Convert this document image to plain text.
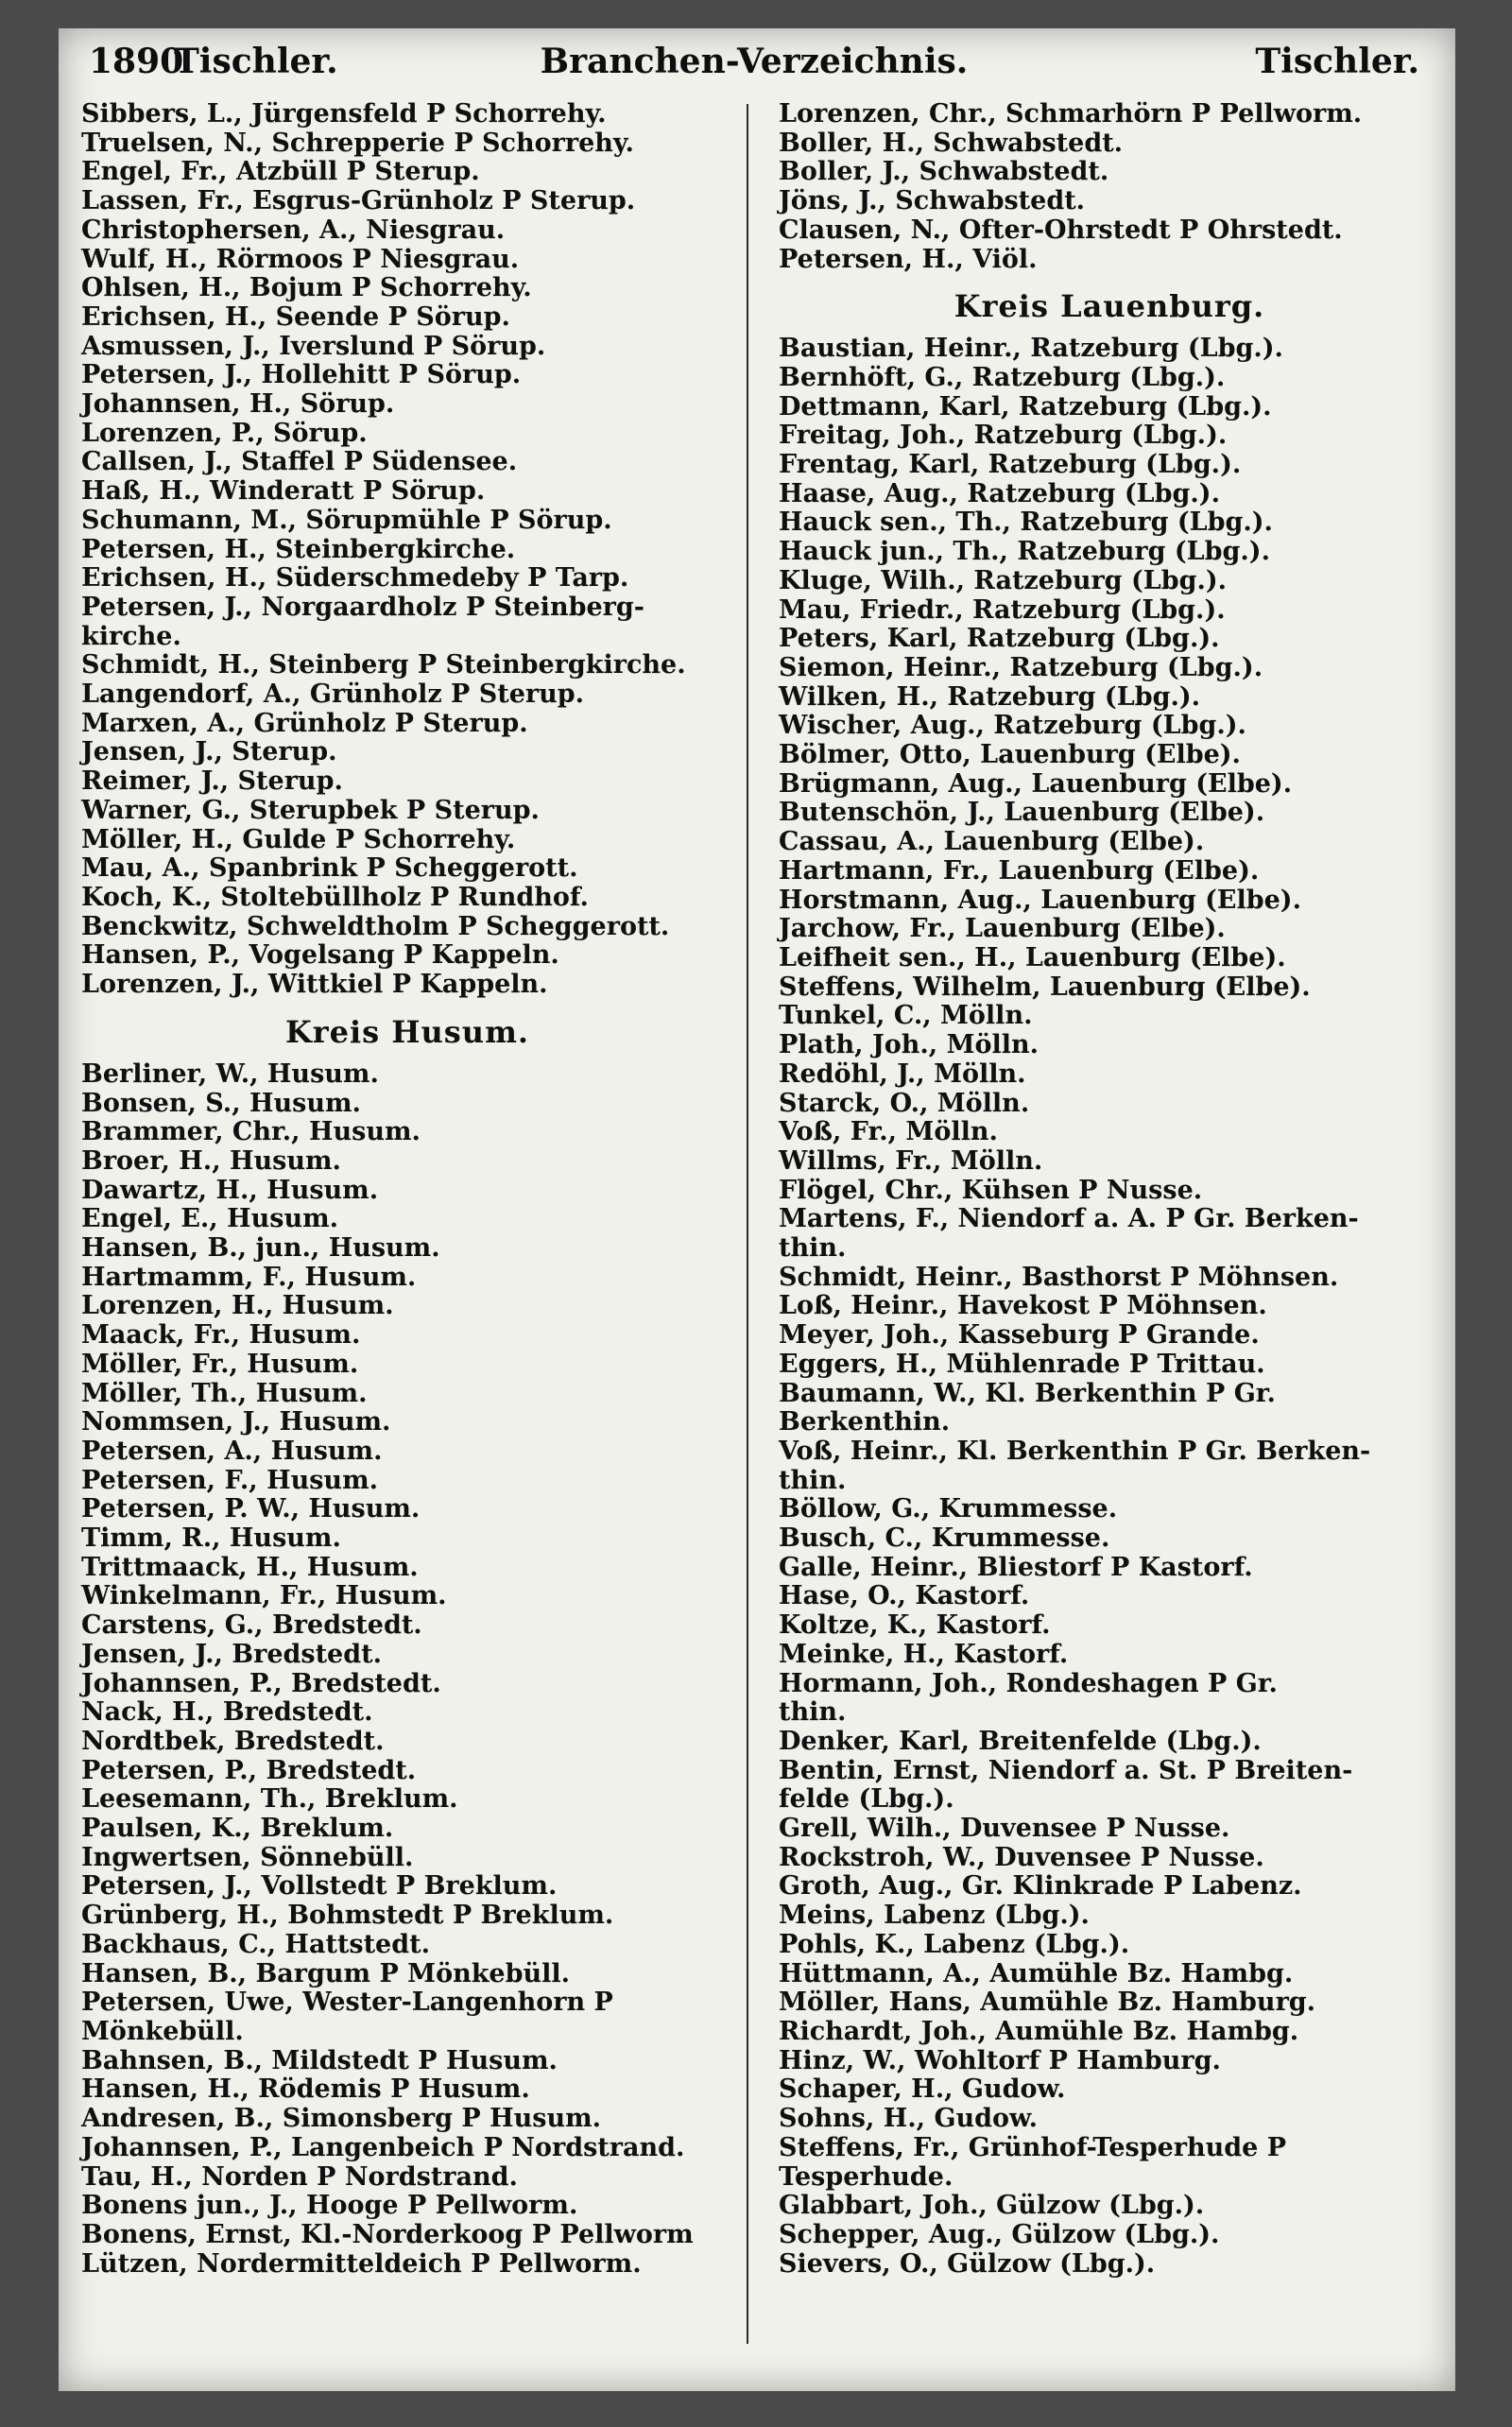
1890
Tischler.	Branchen-Verzeichnis.	Tischler.
Sibbers, L., Jürgensfeld P Schorrehy.
Truelsen, N., Schrepperie P Schorrehy.
Engel, Fr., Atzbüll P Sterup.
Lassen, Fr., Esgrus-Grünholz P Sterup.
Christophersen, A., Niesgrau.
Wulf, H., Rörmoos P Niesgrau.
Ohlsen, H., Bojum P Schorrehy.
Erichsen, H., Seende P Sörup.
Asmussen, J., Iverslund P Sörup.
Petersen, J., Hollehitt P Sörup.
Johannsen, H., Sörup.
Lorenzen, P., Sörup.
Callsen, J., Staffel P Südensee.
Haß, H., Winderatt P Sörup.
Schumann, M., Sörupmühle P Sörup.
Petersen, H., Steinbergkirche.
Erichsen, H., Süderschmedeby P Tarp.
Petersen, J., Norgaardholz P Steinberg-
kirche.
Schmidt, H., Steinberg P Steinbergkirche.
Langendorf, A., Grünholz P Sterup.
Marxen, A., Grünholz P Sterup.
Jensen, J., Sterup.
Reimer, J., Sterup.
Warner, G., Sterupbek P Sterup.
Möller, H., Gulde P Schorrehy.
Mau, A., Spanbrink P Scheggerott.
Koch, K., Stoltebüllholz P Rundhof.
Benckwitz, Schweldtholm P Scheggerott.
Hansen, P., Vogelsang P Kappeln.
Lorenzen, J., Wittkiel P Kappeln.
Kreis Husum.
Berliner, W., Husum.
Bonsen, S., Husum.
Brammer, Chr., Husum.
Broer, H., Husum.
Dawartz, H., Husum.
Engel, E., Husum.
Hansen, B., jun., Husum.
Hartmamm, F., Husum.
Lorenzen, H., Husum.
Maack, Fr., Husum.
Möller, Fr., Husum.
Möller, Th., Husum.
Nommsen, J., Husum.
Petersen, A., Husum.
Petersen, F., Husum.
Petersen, P. W., Husum.
Timm, R., Husum.
Trittmaack, H., Husum.
Winkelmann, Fr., Husum.
Carstens, G., Bredstedt.
Jensen, J., Bredstedt.
Johannsen, P., Bredstedt.
Nack, H., Bredstedt.
Nordtbek, Bredstedt.
Petersen, P., Bredstedt.
Leesemann, Th., Breklum.
Paulsen, K., Breklum.
Ingwertsen, Sönnebüll.
Petersen, J., Vollstedt P Breklum.
Grünberg, H., Bohmstedt P Breklum.
Backhaus, C., Hattstedt.
Hansen, B., Bargum P Mönkebüll.
Petersen, Uwe, Wester-Langenhorn P
Mönkebüll.
Bahnsen, B., Mildstedt P Husum.
Hansen, H., Rödemis P Husum.
Andresen, B., Simonsberg P Husum.
Johannsen, P., Langenbeich P Nordstrand.
Tau, H., Norden P Nordstrand.
Bonens jun., J., Hooge P Pellworm.
Bonens, Ernst, Kl.-Norderkoog P Pellworm
Lützen, Nordermitteldeich P Pellworm.
Lorenzen, Chr., Schmarhörn P Pellworm.
Boller, H., Schwabstedt.
Boller, J., Schwabstedt.
Jöns, J., Schwabstedt.
Clausen, N., Ofter-Ohrstedt P Ohrstedt.
Petersen, H., Viöl.
Kreis Lauenburg.
Baustian, Heinr., Ratzeburg (Lbg.).
Bernhöft, G., Ratzeburg (Lbg.).
Dettmann, Karl, Ratzeburg (Lbg.).
Freitag, Joh., Ratzeburg (Lbg.).
Frentag, Karl, Ratzeburg (Lbg.).
Haase, Aug., Ratzeburg (Lbg.).
Hauck sen., Th., Ratzeburg (Lbg.).
Hauck jun., Th., Ratzeburg (Lbg.).
Kluge, Wilh., Ratzeburg (Lbg.).
Mau, Friedr., Ratzeburg (Lbg.).
Peters, Karl, Ratzeburg (Lbg.).
Siemon, Heinr., Ratzeburg (Lbg.).
Wilken, H., Ratzeburg (Lbg.).
Wischer, Aug., Ratzeburg (Lbg.).
Bölmer, Otto, Lauenburg (Elbe).
Brügmann, Aug., Lauenburg (Elbe).
Butenschön, J., Lauenburg (Elbe).
Cassau, A., Lauenburg (Elbe).
Hartmann, Fr., Lauenburg (Elbe).
Horstmann, Aug., Lauenburg (Elbe).
Jarchow, Fr., Lauenburg (Elbe).
Leifheit sen., H., Lauenburg (Elbe).
Steffens, Wilhelm, Lauenburg (Elbe).
Tunkel, C., Mölln.
Plath, Joh., Mölln.
Redöhl, J., Mölln.
Starck, O., Mölln.
Voß, Fr., Mölln.
Willms, Fr., Mölln.
Flögel, Chr., Kühsen P Nusse.
Martens, F., Niendorf a. A. P Gr. Berken-
thin.
Schmidt, Heinr., Basthorst P Möhnsen.
Loß, Heinr., Havekost P Möhnsen.
Meyer, Joh., Kasseburg P Grande.
Eggers, H., Mühlenrade P Trittau.
Baumann, W., Kl. Berkenthin P Gr.
Berkenthin.
Voß, Heinr., Kl. Berkenthin P Gr. Berken-
thin.
Böllow, G., Krummesse.
Busch, C., Krummesse.
Galle, Heinr., Bliestorf P Kastorf.
Hase, O., Kastorf.
Koltze, K., Kastorf.
Meinke, H., Kastorf.
Hormann, Joh., Rondeshagen P Gr.
thin.
Denker, Karl, Breitenfelde (Lbg.).
Bentin, Ernst, Niendorf a. St. P Breiten-
felde (Lbg.).
Grell, Wilh., Duvensee P Nusse.
Rockstroh, W., Duvensee P Nusse.
Groth, Aug., Gr. Klinkrade P Labenz.
Meins, Labenz (Lbg.).
Pohls, K., Labenz (Lbg.).
Hüttmann, A., Aumühle Bz. Hambg.
Möller, Hans, Aumühle Bz. Hamburg.
Richardt, Joh., Aumühle Bz. Hambg.
Hinz, W., Wohltorf P Hamburg.
Schaper, H., Gudow.
Sohns, H., Gudow.
Steffens, Fr., Grünhof-Tesperhude P
Tesperhude.
Glabbart, Joh., Gülzow (Lbg.).
Schepper, Aug., Gülzow (Lbg.).
Sievers, O., Gülzow (Lbg.).
